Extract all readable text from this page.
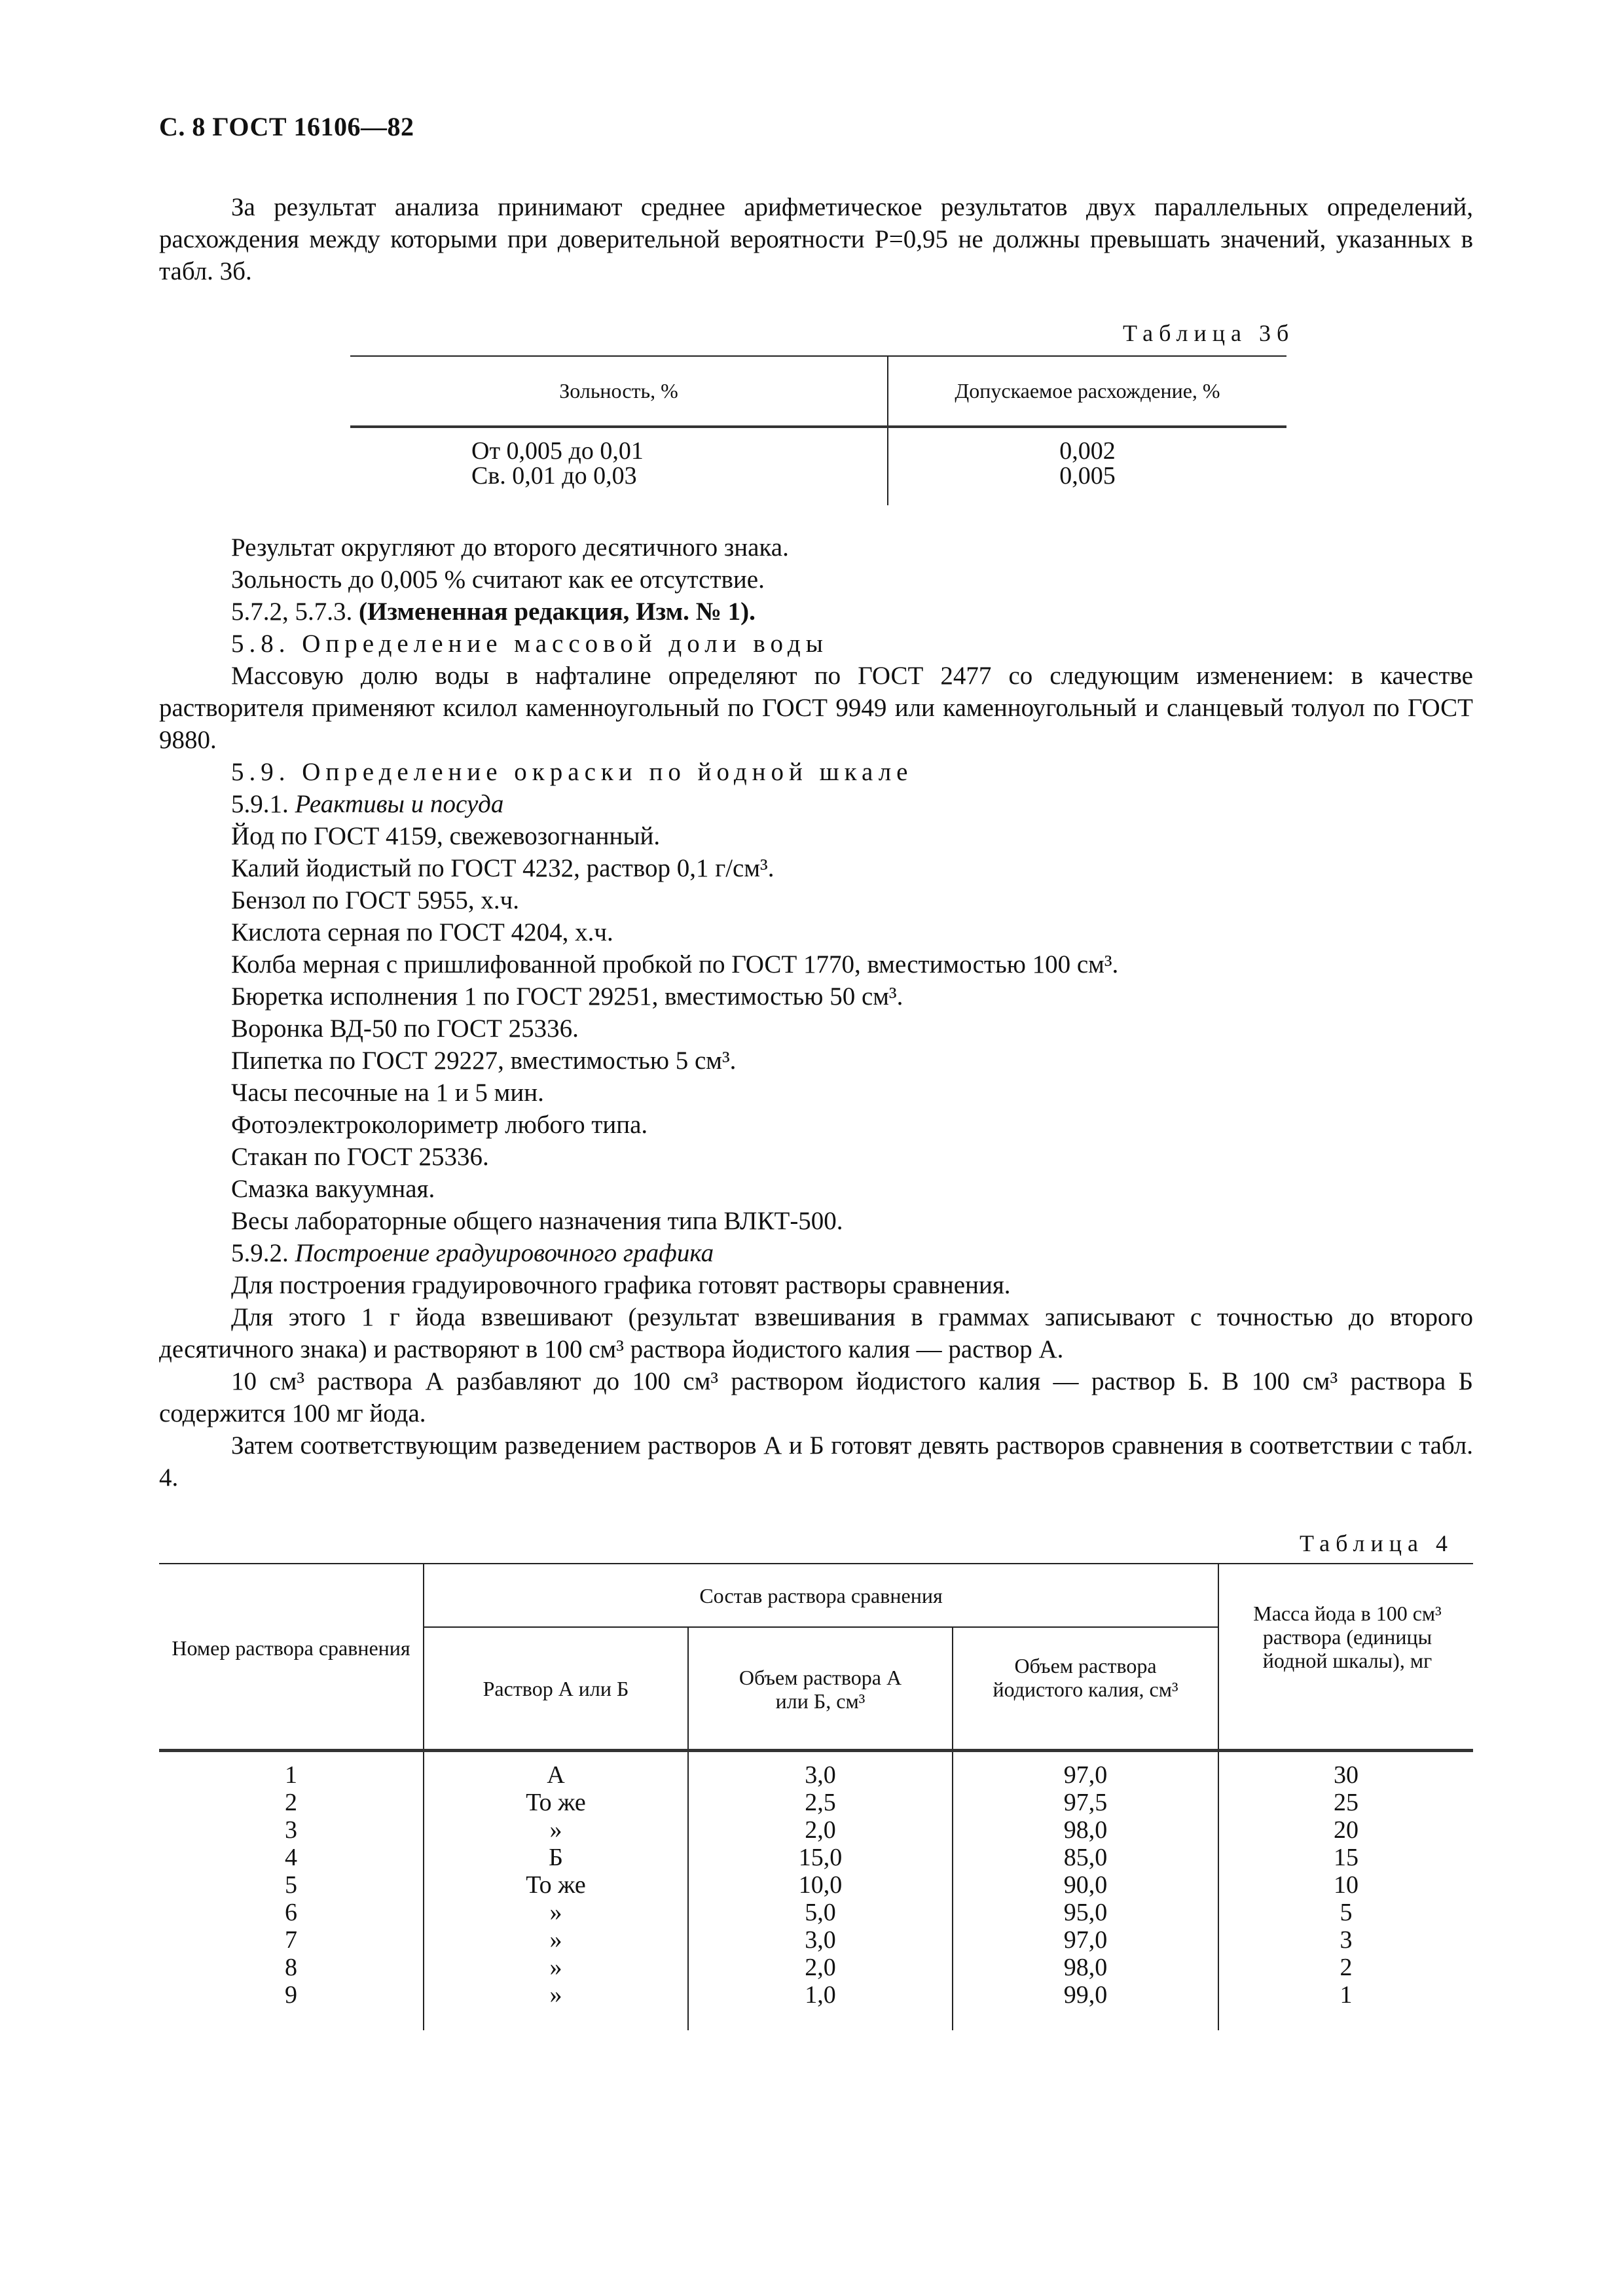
С. 8 ГОСТ 16106—82
За результат анализа принимают среднее арифметическое результатов двух параллельных определений, расхождения между которыми при доверительной вероятности P=0,95 не должны превышать значений, указанных в табл. 3б.
Таблица 3б
Зольность, %	Допускаемое расхождение, %
От 0,005 до 0,01
Св. 0,01 до 0,03
0,002
0,005

Результат округляют до второго десятичного знака.

Зольность до 0,005 % считают как ее отсутствие.

5.7.2, 5.7.3. (Измененная редакция, Изм. № 1).

5.8. Определение массовой доли воды

Массовую долю воды в нафталине определяют по ГОСТ 2477 со следующим изменением: в качестве растворителя применяют ксилол каменноугольный по ГОСТ 9949 или каменноугольный и сланцевый толуол по ГОСТ 9880.

5.9. Определение окраски по йодной шкале

5.9.1. Реактивы и посуда

Йод по ГОСТ 4159, свежевозогнанный.

Калий йодистый по ГОСТ 4232, раствор 0,1 г/см³.

Бензол по ГОСТ 5955, х.ч.

Кислота серная по ГОСТ 4204, х.ч.

Колба мерная с пришлифованной пробкой по ГОСТ 1770, вместимостью 100 см³.

Бюретка исполнения 1 по ГОСТ 29251, вместимостью 50 см³.

Воронка ВД-50 по ГОСТ 25336.

Пипетка по ГОСТ 29227, вместимостью 5 см³.

Часы песочные на 1 и 5 мин.

Фотоэлектроколориметр любого типа.

Стакан по ГОСТ 25336.

Смазка вакуумная.

Весы лабораторные общего назначения типа ВЛКТ-500.

5.9.2. Построение градуировочного графика

Для построения градуировочного графика готовят растворы сравнения.

Для этого 1 г йода взвешивают (результат взвешивания в граммах записывают с точностью до второго десятичного знака) и растворяют в 100 см³ раствора йодистого калия — раствор А.

10 см³ раствора А разбавляют до 100 см³ раствором йодистого калия — раствор Б. В 100 см³ раствора Б содержится 100 мг йода.

Затем соответствующим разведением растворов А и Б готовят девять растворов сравнения в соответствии с табл. 4.

Таблица 4
Номер раствора сравнения
Состав раствора сравнения
Раствор А или Б	Объем раствора А или Б, см³
Объем раствора йодистого калия, см³
Масса йода в 100 см³ раствора (единицы йодной шкалы), мг
1
2
3
4
5
6
7
8
9
А
То же
»
Б
То же
»
»
»
»
3,0
2,5
2,0
15,0
10,0
5,0
3,0
2,0
1,0
97,0
97,5
98,0
85,0
90,0
95,0
97,0
98,0
99,0
30
25
20
15
10
5
3
2
1
